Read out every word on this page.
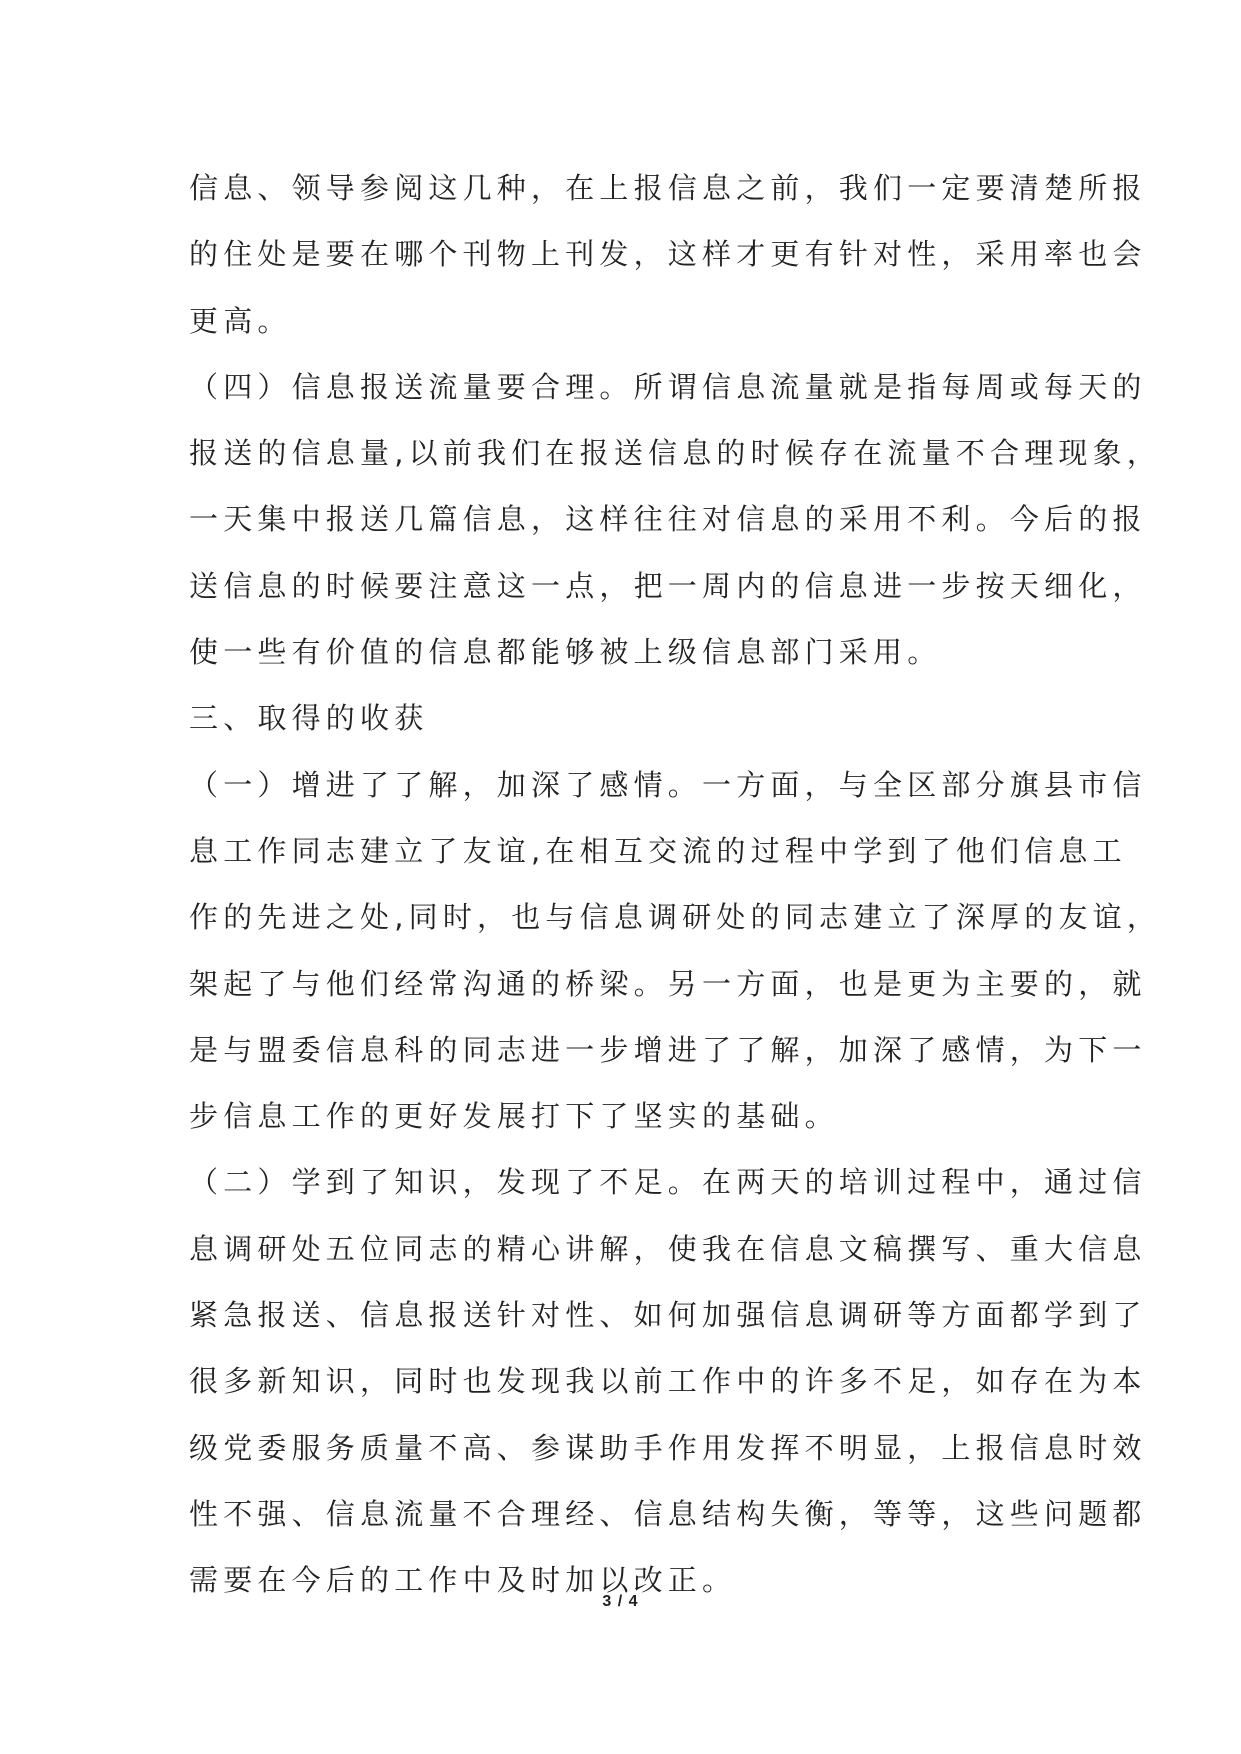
信息、领导参阅这几种，在上报信息之前，我们一定要清楚所报
的住处是要在哪个刊物上刊发，这样才更有针对性，采用率也会
更高。
（四）信息报送流量要合理。所谓信息流量就是指每周或每天的
报送的信息量,以前我们在报送信息的时候存在流量不合理现象，
一天集中报送几篇信息，这样往往对信息的采用不利。今后的报
送信息的时候要注意这一点，把一周内的信息进一步按天细化，
使一些有价值的信息都能够被上级信息部门采用。
三、取得的收获
（一）增进了了解，加深了感情。一方面，与全区部分旗县市信
息工作同志建立了友谊,在相互交流的过程中学到了他们信息工
作的先进之处,同时，也与信息调研处的同志建立了深厚的友谊，
架起了与他们经常沟通的桥梁。另一方面，也是更为主要的，就
是与盟委信息科的同志进一步增进了了解，加深了感情，为下一
步信息工作的更好发展打下了坚实的基础。
（二）学到了知识，发现了不足。在两天的培训过程中，通过信
息调研处五位同志的精心讲解，使我在信息文稿撰写、重大信息
紧急报送、信息报送针对性、如何加强信息调研等方面都学到了
很多新知识，同时也发现我以前工作中的许多不足，如存在为本
级党委服务质量不高、参谋助手作用发挥不明显，上报信息时效
性不强、信息流量不合理经、信息结构失衡，等等，这些问题都
需要在今后的工作中及时加以改正。
3 / 4
